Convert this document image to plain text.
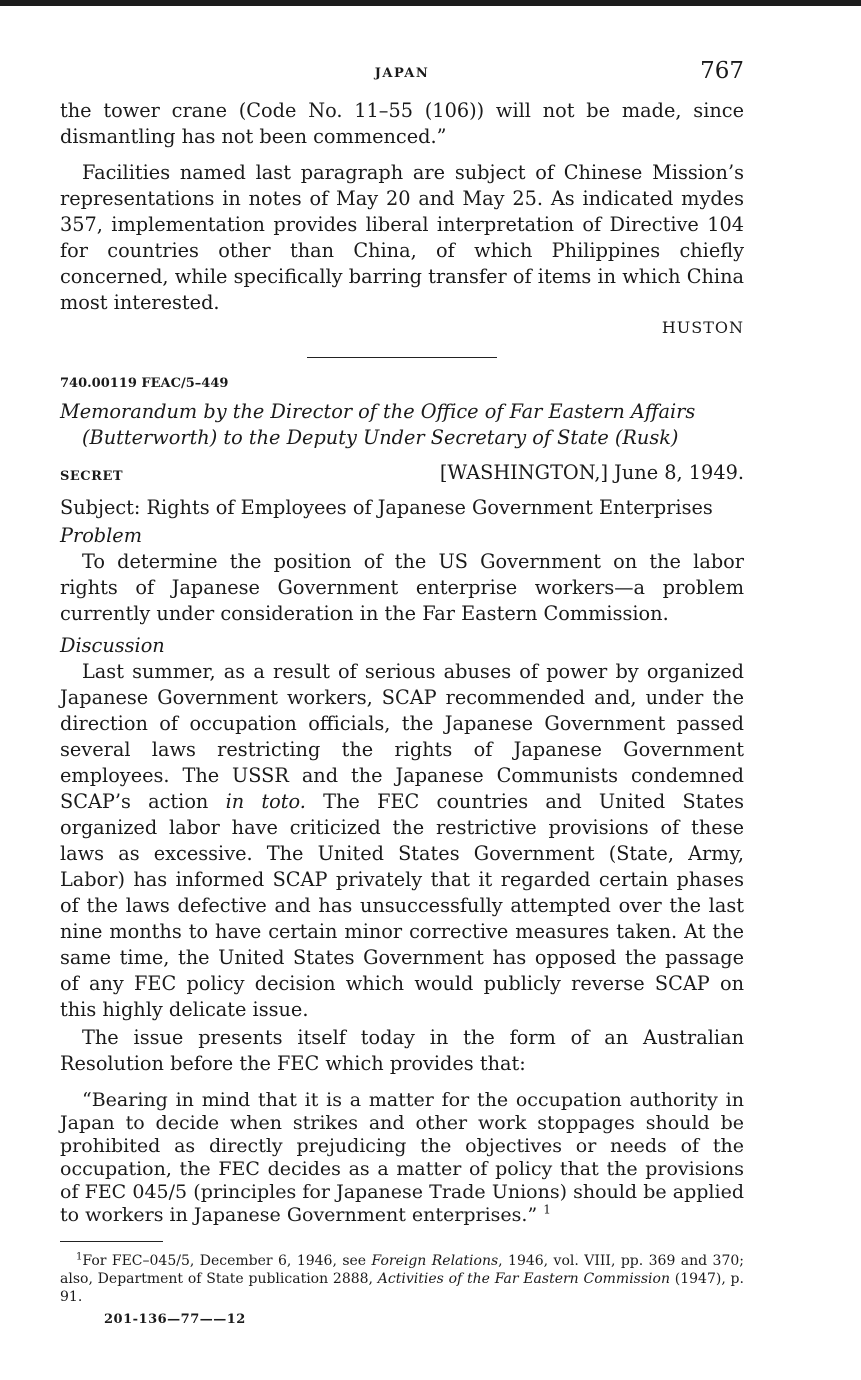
JAPAN	767

the tower crane (Code No. 11–55 (106)) will not be made, since dismantling has not been commenced.”

Facilities named last paragraph are subject of Chinese Mission’s representations in notes of May 20 and May 25. As indicated mydes 357, implementation provides liberal interpretation of Directive 104 for countries other than China, of which Philippines chiefly concerned, while specifically barring transfer of items in which China most interested.

HUSTON
740.00119 FEAC/5–449
Memorandum by the Director of the Office of Far Eastern Affairs
(Butterworth) to the Deputy Under Secretary of State (Rusk)
SECRET	[WASHINGTON,] June 8, 1949.

Subject: Rights of Employees of Japanese Government Enterprises

Problem

To determine the position of the US Government on the labor rights of Japanese Government enterprise workers—a problem currently under consideration in the Far Eastern Commission.

Discussion

Last summer, as a result of serious abuses of power by organized Japanese Government workers, SCAP recommended and, under the direction of occupation officials, the Japanese Government passed several laws restricting the rights of Japanese Government employees. The USSR and the Japanese Communists condemned SCAP’s action in toto. The FEC countries and United States organized labor have criticized the restrictive provisions of these laws as excessive. The United States Government (State, Army, Labor) has informed SCAP privately that it regarded certain phases of the laws defective and has unsuccessfully attempted over the last nine months to have certain minor corrective measures taken. At the same time, the United States Government has opposed the passage of any FEC policy decision which would publicly reverse SCAP on this highly delicate issue.

The issue presents itself today in the form of an Australian Resolution before the FEC which provides that:

“Bearing in mind that it is a matter for the occupation authority in Japan to decide when strikes and other work stoppages should be prohibited as directly prejudicing the objectives or needs of the occupation, the FEC decides as a matter of policy that the provisions of FEC 045/5 (principles for Japanese Trade Unions) should be applied to workers in Japanese Government enterprises.” $^1$
$^1$For FEC–045/5, December 6, 1946, see Foreign Relations, 1946, vol. VIII, pp. 369 and 370; also, Department of State publication 2888, Activities of the Far Eastern Commission (1947), p. 91.
201-136—77——12
